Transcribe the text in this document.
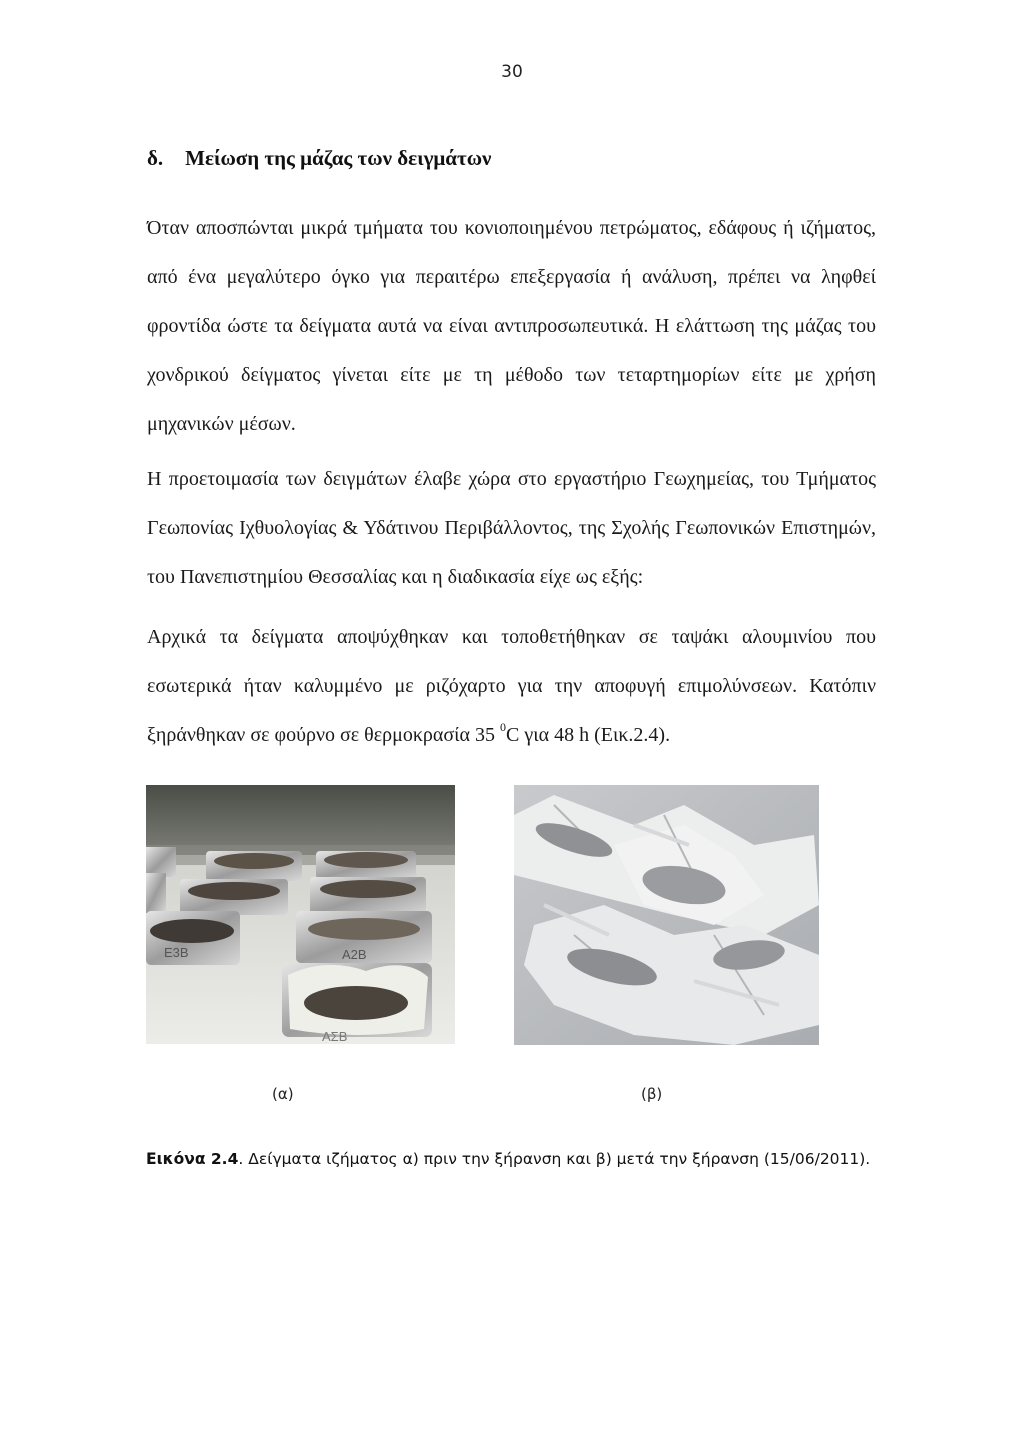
30
δ. Μείωση της μάζας των δειγμάτων
Όταν αποσπώνται μικρά τμήματα του κονιοποιημένου πετρώματος, εδάφους ή ιζήματος, από ένα μεγαλύτερο όγκο για περαιτέρω επεξεργασία ή ανάλυση, πρέπει να ληφθεί φροντίδα ώστε τα δείγματα αυτά να είναι αντιπροσωπευτικά. Η ελάττωση της μάζας του χονδρικού δείγματος γίνεται είτε με τη μέθοδο των τεταρτημορίων είτε με χρήση μηχανικών μέσων.
Η προετοιμασία των δειγμάτων έλαβε χώρα στο εργαστήριο Γεωχημείας, του Τμήματος Γεωπονίας Ιχθυολογίας & Υδάτινου Περιβάλλοντος, της Σχολής Γεωπονικών Επιστημών, του Πανεπιστημίου Θεσσαλίας και η διαδικασία είχε ως εξής:
Αρχικά τα δείγματα αποψύχθηκαν και τοποθετήθηκαν σε ταψάκι αλουμινίου που εσωτερικά ήταν καλυμμένο με ριζόχαρτο για την αποφυγή επιμολύνσεων. Κατόπιν ξηράνθηκαν σε φούρνο σε θερμοκρασία 35 $^0$C για 48 h (Εικ.2.4).
Ε3Β	Α2Β
ΑΣΒ
(α)	(β)
Εικόνα 2.4. Δείγματα ιζήματος α) πριν την ξήρανση και β) μετά την ξήρανση (15/06/2011).
